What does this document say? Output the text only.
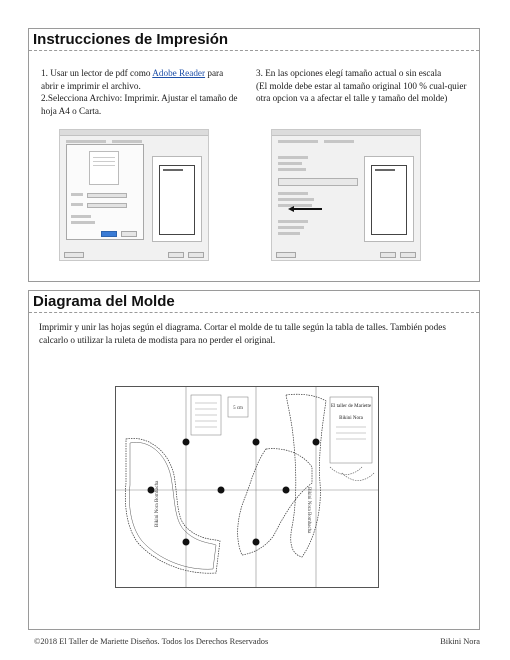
Instrucciones de Impresión
1. Usar un lector de pdf como Adobe Reader para abrir e imprimir el archivo.
2.Selecciona Archivo: Imprimir. Ajustar el tamaño de hoja A4 o Carta.
3. En las opciones elegí tamaño actual o sin escala
(El molde debe estar al tamaño original 100 % cual-quier otra opcion va a afectar el talle y tamaño del molde)
Diagrama del Molde

Imprimir y unir las hojas según el diagrama. Cortar el molde de tu talle según la tabla de talles. También podes calcarlo o utilizar la ruleta de modista para no perder el original.

5 cm
Bikini Nora Bombacha	Bikini Nora Bombacha
El taller de Mariette
Bikini Nora
©2018 El Taller de Mariette Diseños. Todos los Derechos Reservados	Bikini Nora
